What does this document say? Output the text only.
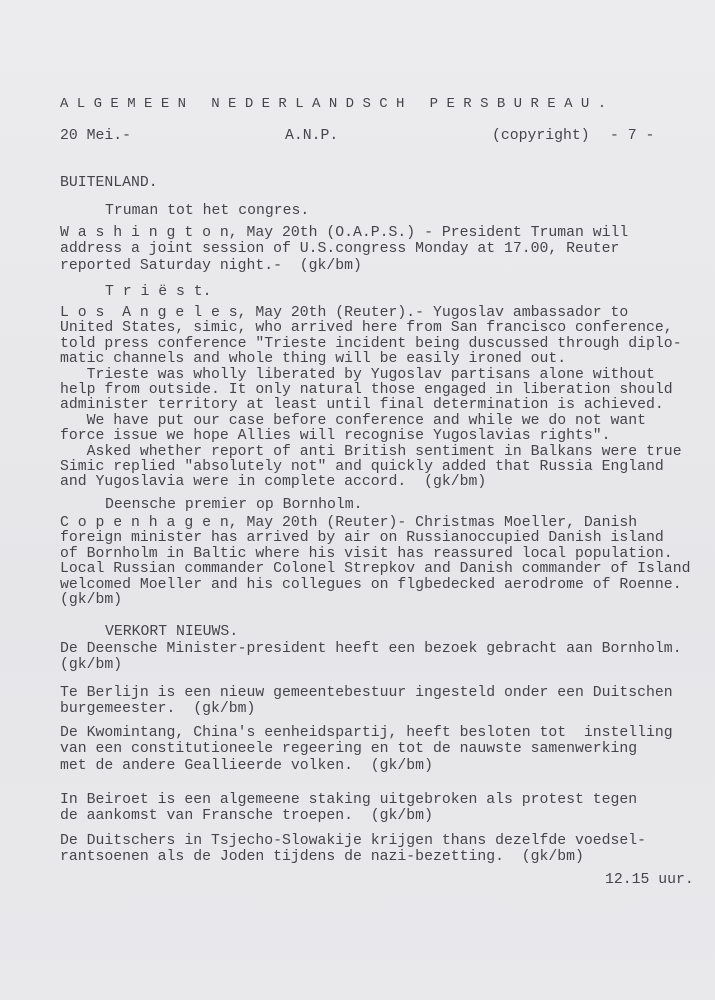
A L G E M E E N   N E D E R L A N D S C H   P E R S B U R E A U .
20 Mei.-	A.N.P.	(copyright) - 7 -
BUITENLAND.
Truman tot het congres.
W a s h i n g t o n, May 20th (O.A.P.S.) - President Truman will
address a joint session of U.S.congress Monday at 17.00, Reuter
reported Saturday night.-  (gk/bm)
T r i ë s t.
L o s  A n g e l e s, May 20th (Reuter).- Yugoslav ambassador to
United States, simic, who arrived here from San francisco conference,
told press conference "Trieste incident being duscussed through diplo-
matic channels and whole thing will be easily ironed out.
Trieste was wholly liberated by Yugoslav partisans alone without
help from outside. It only natural those engaged in liberation should
administer territory at least until final determination is achieved.
We have put our case before conference and while we do not want
force issue we hope Allies will recognise Yugoslavias rights".
Asked whether report of anti British sentiment in Balkans were true
Simic replied "absolutely not" and quickly added that Russia England
and Yugoslavia were in complete accord.  (gk/bm)
Deensche premier op Bornholm.
C o p e n h a g e n, May 20th (Reuter)- Christmas Moeller, Danish
foreign minister has arrived by air on Russianoccupied Danish island
of Bornholm in Baltic where his visit has reassured local population.
Local Russian commander Colonel Strepkov and Danish commander of Island
welcomed Moeller and his collegues on flgbedecked aerodrome of Roenne.
(gk/bm)
VERKORT NIEUWS.
De Deensche Minister-president heeft een bezoek gebracht aan Bornholm.
(gk/bm)
Te Berlijn is een nieuw gemeentebestuur ingesteld onder een Duitschen
burgemeester.  (gk/bm)
De Kwomintang, China's eenheidspartij, heeft besloten tot  instelling
van een constitutioneele regeering en tot de nauwste samenwerking
met de andere Geallieerde volken.  (gk/bm)
In Beiroet is een algemeene staking uitgebroken als protest tegen
de aankomst van Fransche troepen.  (gk/bm)
De Duitschers in Tsjecho-Slowakije krijgen thans dezelfde voedsel-
rantsoenen als de Joden tijdens de nazi-bezetting.  (gk/bm)
12.15 uur.
